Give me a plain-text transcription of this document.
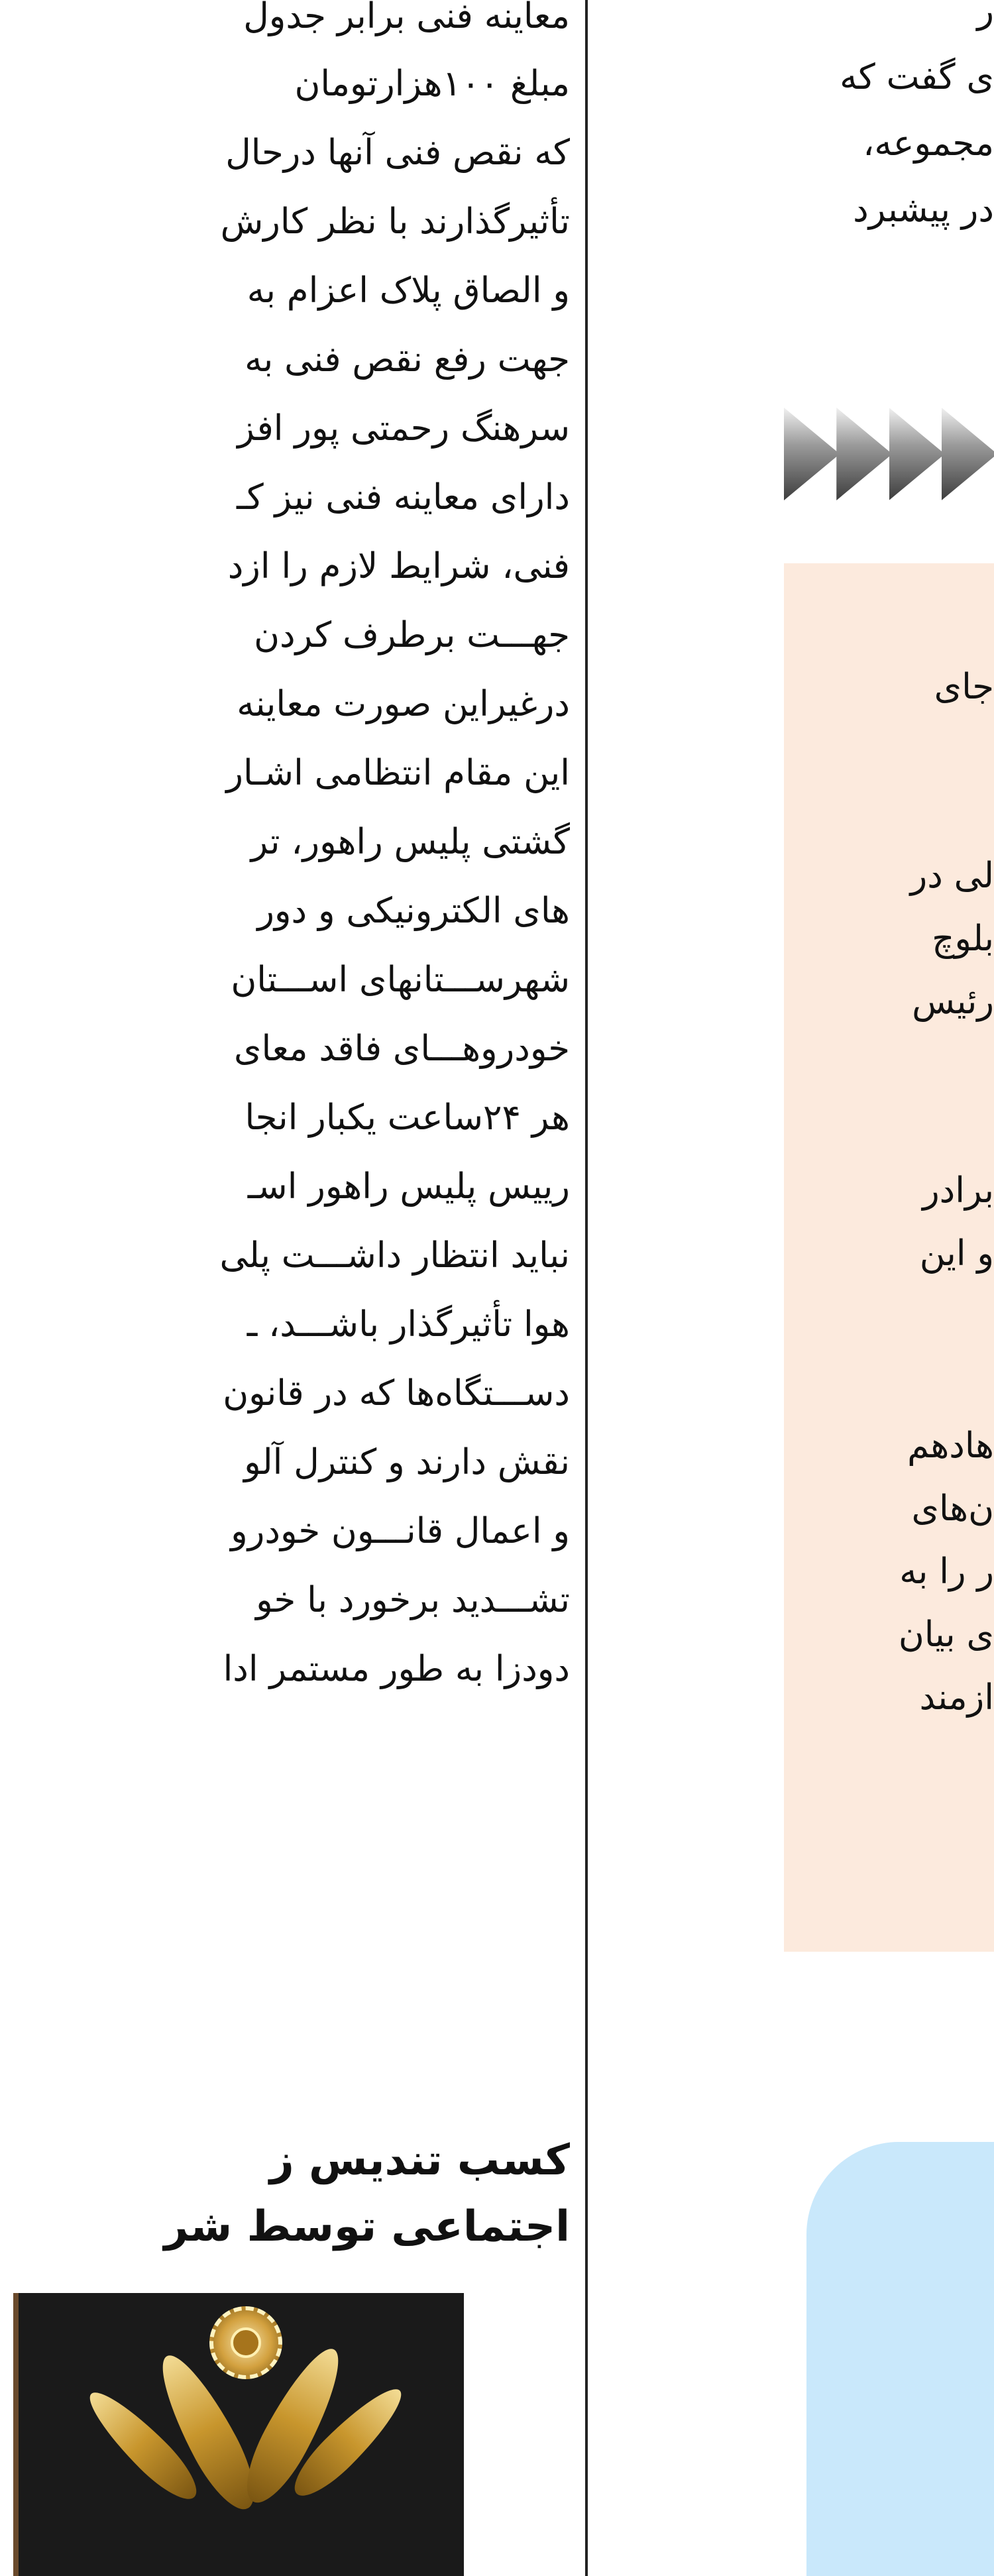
معاینه فنی برابر جدول
مبلغ ۱۰۰هزارتومان
که نقص فنی آنها درحال
تأثیرگذارند با نظر کارش
و الصاق پلاک اعزام به
جهت رفع نقص فنی به
سرهنگ رحمتی پور افز
دارای معاینه فنی نیز کـ
فنی، شرایط لازم را ازد
جهـــت برطرف کردن
درغیراین صورت معاینه
این مقام انتظامی اشـار
گشتی پلیس راهور، تر
های الکترونیکی و دور
شهرســـتانهای اســـتان
خودروهـــای فاقد معای
هر ۲۴ساعت یکبار انجا
رییس پلیس راهور اسـ
نباید انتظار داشـــت پلی
هوا تأثیرگذار باشـــد، ـ
دســـتگاه‌ها که در قانون
نقش دارند و کنترل آلو
و اعمال قانـــون خودرو
تشـــدید برخورد با خو
دودزا به طور مستمر ادا
کسب تندیس ز
اجتماعی توسط شر
ر
ی گفت که
مجموعه،
در پیشبرد
جای
لی در
بلوچ
رئیس
برادر
و این
هادهم
ن‌های
ر را به
ی بیان
ازمند
